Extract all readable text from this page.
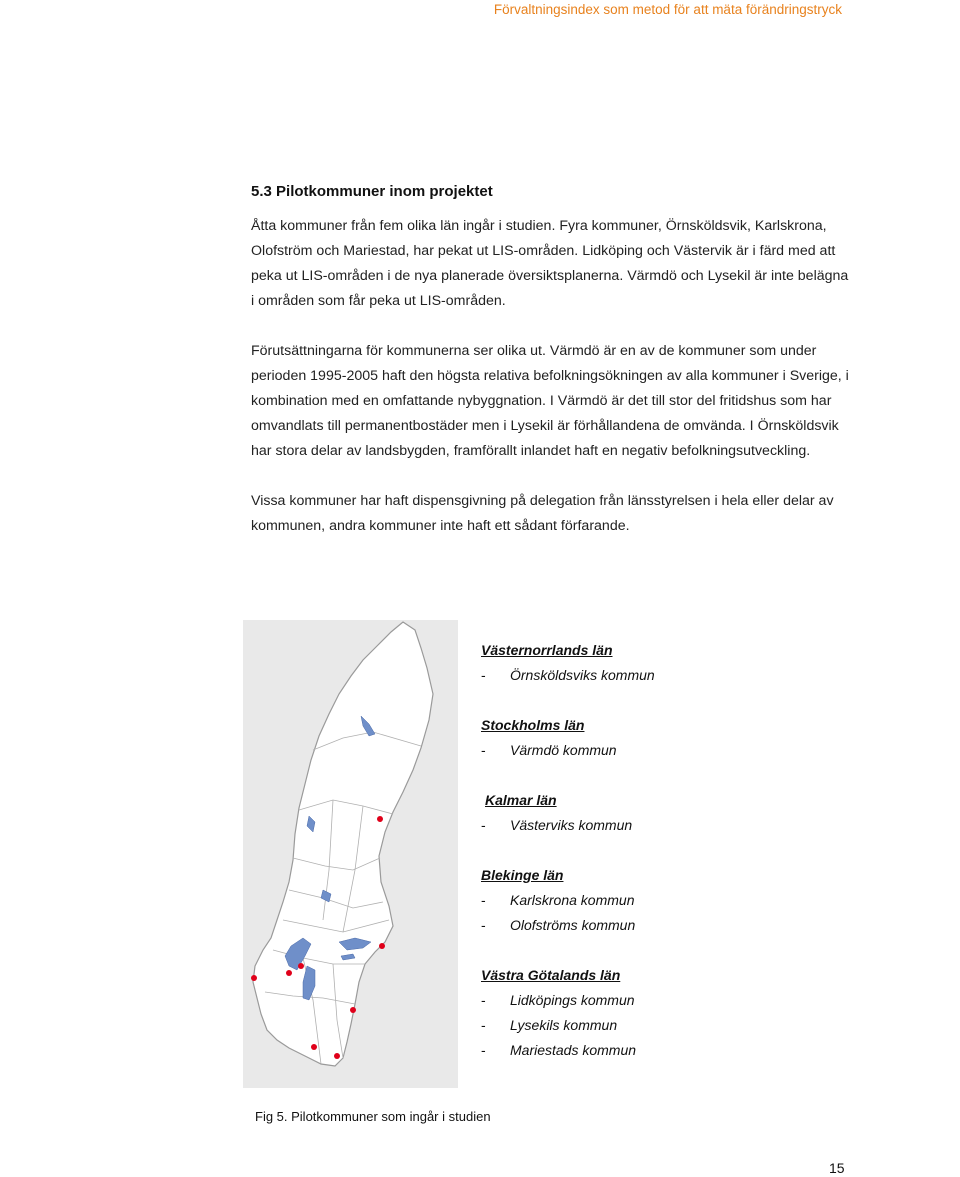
Förvaltningsindex som metod för att mäta förändringstryck
5.3 Pilotkommuner inom projektet

Åtta kommuner från fem olika län ingår i studien. Fyra kommuner, Örnsköldsvik, Karlskrona, Olofström och Mariestad, har pekat ut LIS-områden. Lidköping och Västervik är i färd med att peka ut LIS-områden i de nya planerade översiktsplanerna. Värmdö och Lysekil är inte belägna i områden som får peka ut LIS-områden.

Förutsättningarna för kommunerna ser olika ut. Värmdö är en av de kommuner som under perioden 1995-2005 haft den högsta relativa befolkningsökningen av alla kommuner i Sverige, i kombination med en omfattande nybyggnation. I Värmdö är det till stor del fritidshus som har omvandlats till permanentbostäder men i Lysekil är förhållandena de omvända. I Örnsköldsvik har stora delar av landsbygden, framförallt inlandet haft en negativ befolkningsutveckling.

Vissa kommuner har haft dispensgivning på delegation från länsstyrelsen i hela eller delar av kommunen, andra kommuner inte haft ett sådant förfarande.

Västernorrlands län
-	Örnsköldsviks kommun
Stockholms län
-	Värmdö kommun
Kalmar län
-	Västerviks kommun
Blekinge län
-	Karlskrona kommun
-	Olofströms kommun
Västra Götalands län
-	Lidköpings kommun
-	Lysekils kommun
-	Mariestads kommun
Fig 5. Pilotkommuner som ingår i studien
15
